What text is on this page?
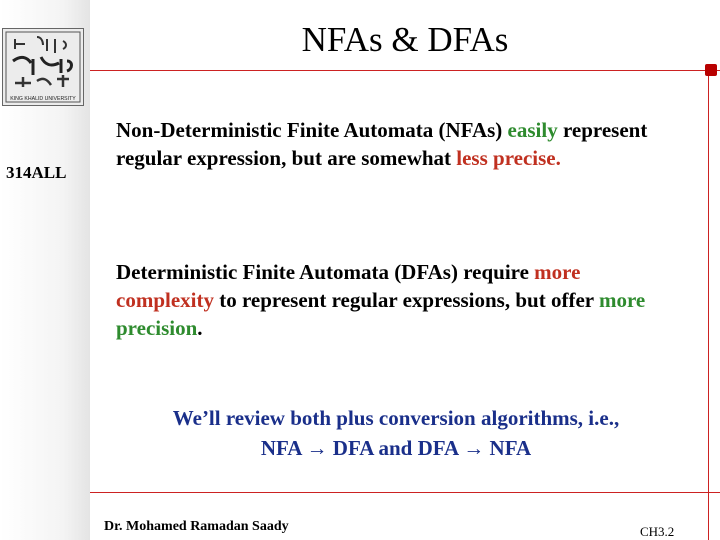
KING KHALID UNIVERSITY
314ALL
NFAs & DFAs
Non-Deterministic Finite Automata (NFAs) easily represent regular expression, but are somewhat less precise.
Deterministic Finite Automata (DFAs) require more complexity to represent regular expressions, but offer more precision.
We’ll review both plus conversion algorithms, i.e.,
NFA → DFA and DFA → NFA
Dr. Mohamed Ramadan Saady	CH3.2
